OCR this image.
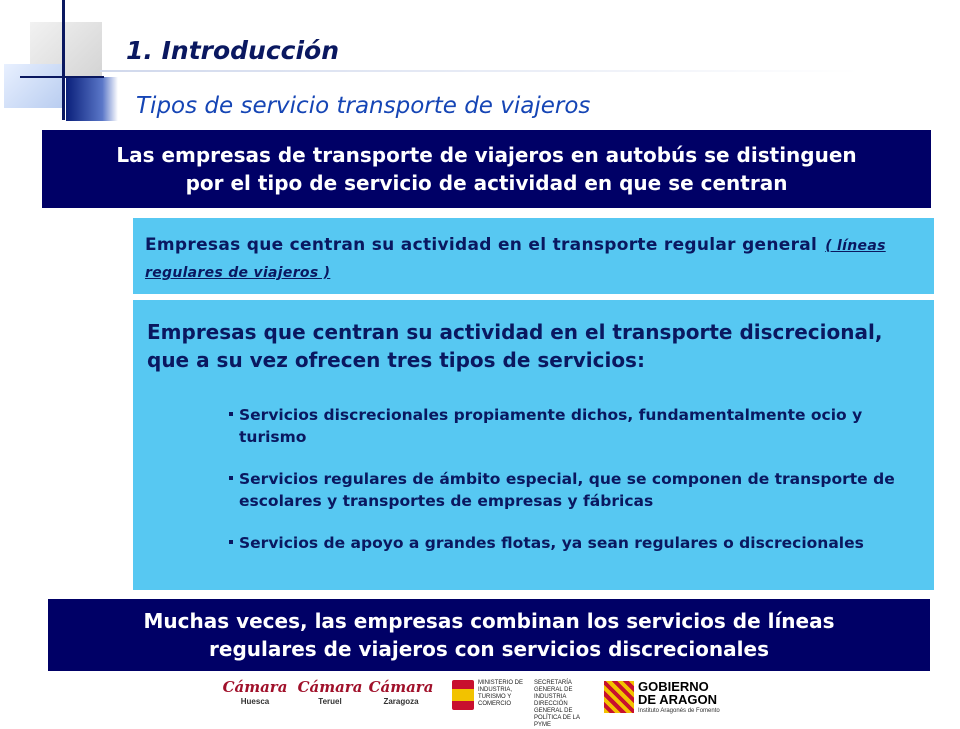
1. Introducción
Tipos de servicio transporte de viajeros
Las empresas de transporte de viajeros en autobús se distinguen
por el tipo de servicio de actividad en que se centran
Empresas que centran su actividad en el transporte regular general ( líneas regulares de viajeros )
Empresas que centran su actividad en el transporte discrecional, que a su vez ofrecen tres tipos de servicios:
Servicios discrecionales propiamente dichos, fundamentalmente ocio y turismo
Servicios regulares de ámbito especial, que se componen de transporte de escolares y transportes de empresas y fábricas
Servicios de apoyo a grandes flotas, ya sean regulares o discrecionales
Muchas veces, las empresas combinan los servicios de líneas
regulares de viajeros con servicios discrecionales
Cámara
Huesca
Cámara
Teruel
Cámara
Zaragoza
MINISTERIO DE INDUSTRIA, TURISMO Y COMERCIO
SECRETARÍA GENERAL DE INDUSTRIA DIRECCIÓN GENERAL DE POLÍTICA DE LA PYME
GOBIERNO
DE ARAGON
Instituto Aragonés de Fomento
